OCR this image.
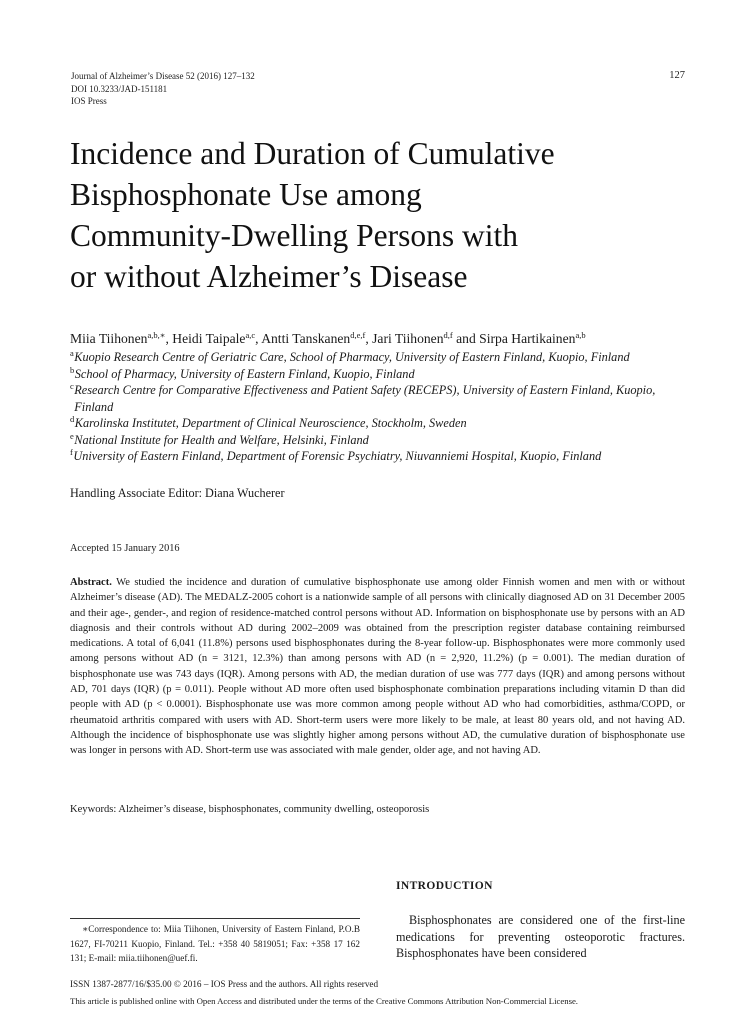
Journal of Alzheimer’s Disease 52 (2016) 127–132
DOI 10.3233/JAD-151181
IOS Press
127
Incidence and Duration of Cumulative
Bisphosphonate Use among
Community-Dwelling Persons with
or without Alzheimer’s Disease
Miia Tiihonen$^{a,b,∗}$, Heidi Taipale$^{a,c}$, Antti Tanskanen$^{d,e,f}$, Jari Tiihonen$^{d,f}$ and Sirpa Hartikainen$^{a,b}$
a Kuopio Research Centre of Geriatric Care, School of Pharmacy, University of Eastern Finland, Kuopio, Finland
b School of Pharmacy, University of Eastern Finland, Kuopio, Finland
c Research Centre for Comparative Effectiveness and Patient Safety (RECEPS), University of Eastern Finland, Kuopio, Finland
d Karolinska Institutet, Department of Clinical Neuroscience, Stockholm, Sweden
e National Institute for Health and Welfare, Helsinki, Finland
f University of Eastern Finland, Department of Forensic Psychiatry, Niuvanniemi Hospital, Kuopio, Finland
Handling Associate Editor: Diana Wucherer
Accepted 15 January 2016
Abstract. We studied the incidence and duration of cumulative bisphosphonate use among older Finnish women and men with or without Alzheimer’s disease (AD). The MEDALZ-2005 cohort is a nationwide sample of all persons with clinically diagnosed AD on 31 December 2005 and their age-, gender-, and region of residence-matched control persons without AD. Information on bisphosphonate use by persons with an AD diagnosis and their controls without AD during 2002–2009 was obtained from the prescription register database containing reimbursed medications. A total of 6,041 (11.8%) persons used bisphosphonates during the 8-year follow-up. Bisphosphonates were more commonly used among persons without AD (n = 3121, 12.3%) than among persons with AD (n = 2,920, 11.2%) (p = 0.001). The median duration of bisphosphonate use was 743 days (IQR). Among persons with AD, the median duration of use was 777 days (IQR) and among persons without AD, 701 days (IQR) (p = 0.011). People without AD more often used bisphosphonate combination preparations including vitamin D than did people with AD (p < 0.0001). Bisphosphonate use was more common among people without AD who had comorbidities, asthma/COPD, or rheumatoid arthritis compared with users with AD. Short-term users were more likely to be male, at least 80 years old, and not having AD. Although the incidence of bisphosphonate use was slightly higher among persons without AD, the cumulative duration of bisphosphonate use was longer in persons with AD. Short-term use was associated with male gender, older age, and not having AD.
Keywords: Alzheimer’s disease, bisphosphonates, community dwelling, osteoporosis
INTRODUCTION
Bisphosphonates are considered one of the first-line medications for preventing osteoporotic fractures. Bisphosphonates have been considered
∗Correspondence to: Miia Tiihonen, University of Eastern Finland, P.O.B 1627, FI-70211 Kuopio, Finland. Tel.: +358 40 5819051; Fax: +358 17 162 131; E-mail: miia.tiihonen@uef.fi.
ISSN 1387-2877/16/$35.00 © 2016 – IOS Press and the authors. All rights reserved
This article is published online with Open Access and distributed under the terms of the Creative Commons Attribution Non-Commercial License.
